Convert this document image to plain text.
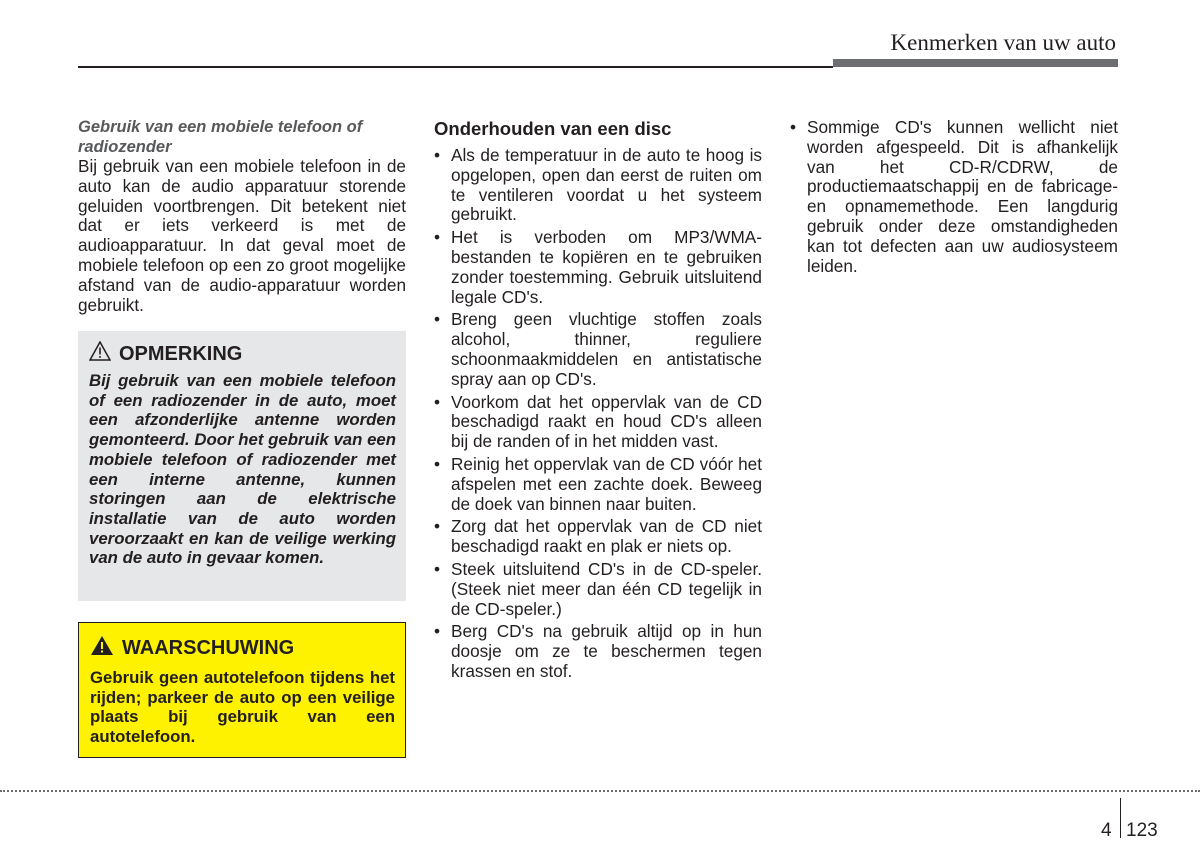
Kenmerken van uw auto
Gebruik van een mobiele telefoon of radiozender

Bij gebruik van een mobiele telefoon in de auto kan de audio apparatuur storende geluiden voortbrengen. Dit betekent niet dat er iets verkeerd is met de audioapparatuur. In dat geval moet de mobiele telefoon op een zo groot mogelijke afstand van de audio-apparatuur worden gebruikt.

OPMERKING

Bij gebruik van een mobiele telefoon of een radiozender in de auto, moet een afzonderlijke antenne worden gemonteerd. Door het gebruik van een mobiele telefoon of radiozender met een interne antenne, kunnen storingen aan de elektrische installatie van de auto worden veroorzaakt en kan de veilige werking van de auto in gevaar komen.

WAARSCHUWING

Gebruik geen autotelefoon tijdens het rijden; parkeer de auto op een veilige plaats bij gebruik van een autotelefoon.

Onderhouden van een disc
• Als de temperatuur in de auto te hoog is opgelopen, open dan eerst de ruiten om te ventileren voordat u het systeem gebruikt.
• Het is verboden om MP3/WMA-bestanden te kopiëren en te gebruiken zonder toestemming. Gebruik uitsluitend legale CD's.
• Breng geen vluchtige stoffen zoals alcohol, thinner, reguliere schoonmaakmiddelen en antistatische spray aan op CD's.
• Voorkom dat het oppervlak van de CD beschadigd raakt en houd CD's alleen bij de randen of in het midden vast.
• Reinig het oppervlak van de CD vóór het afspelen met een zachte doek. Beweeg de doek van binnen naar buiten.
• Zorg dat het oppervlak van de CD niet beschadigd raakt en plak er niets op.
• Steek uitsluitend CD's in de CD-speler. (Steek niet meer dan één CD tegelijk in de CD-speler.)
• Berg CD's na gebruik altijd op in hun doosje om ze te beschermen tegen krassen en stof.
• Sommige CD's kunnen wellicht niet worden afgespeeld. Dit is afhankelijk van het CD-R/CDRW, de productiemaatschappij en de fabricage- en opnamemethode. Een langdurig gebruik onder deze omstandigheden kan tot defecten aan uw audiosysteem leiden.
4 123
